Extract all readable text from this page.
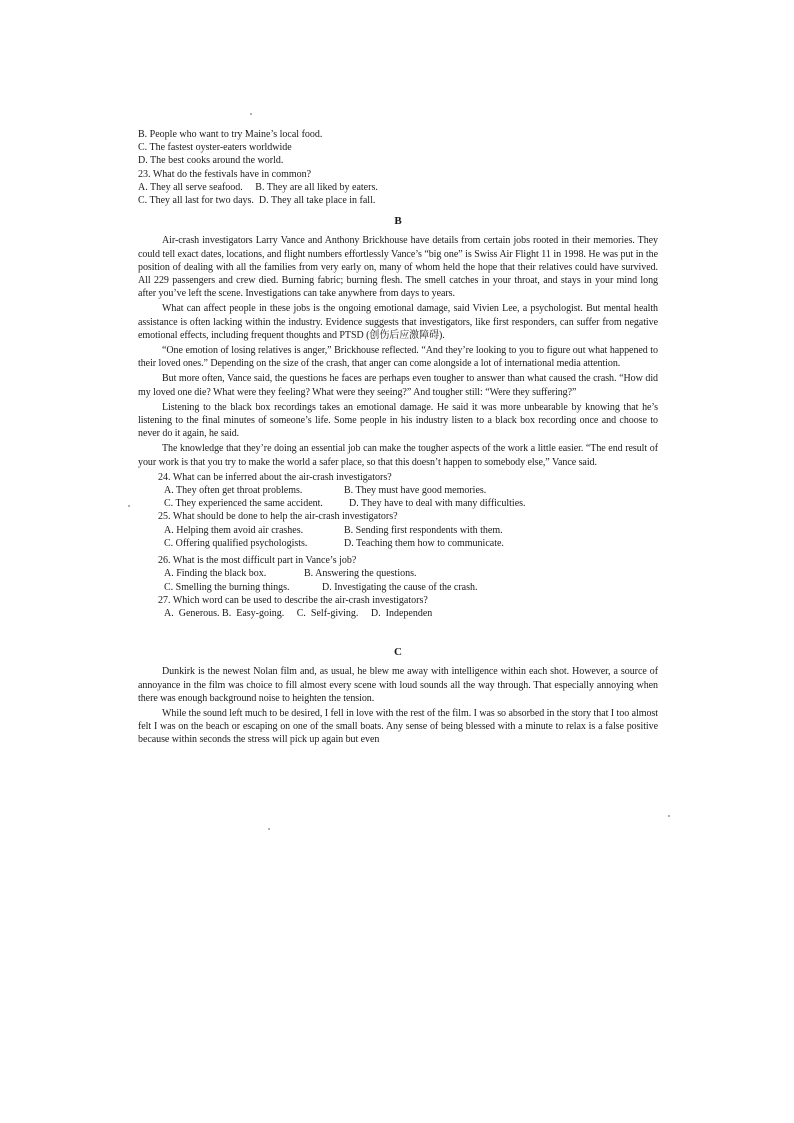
B. People who want to try Maine’s local food.
C. The fastest oyster-eaters worldwide
D. The best cooks around the world.
23. What do the festivals have in common?
A. They all serve seafood. B. They are all liked by eaters.
C. They all last for two days. D. They all take place in fall.
B

Air-crash investigators Larry Vance and Anthony Brickhouse have details from certain jobs rooted in their memories. They could tell exact dates, locations, and flight numbers effortlessly Vance’s “big one” is Swiss Air Flight 11 in 1998. He was put in the position of dealing with all the families from very early on, many of whom held the hope that their relatives could have survived. All 229 passengers and crew died. Burning fabric; burning flesh. The smell catches in your throat, and stays in your mind long after you’ve left the scene. Investigations can take anywhere from days to years.

What can affect people in these jobs is the ongoing emotional damage, said Vivien Lee, a psychologist. But mental health assistance is often lacking within the industry. Evidence suggests that investigators, like first responders, can suffer from negative emotional effects, including frequent thoughts and PTSD (创伤后应激障碍).

“One emotion of losing relatives is anger,” Brickhouse reflected. “And they’re looking to you to figure out what happened to their loved ones.” Depending on the size of the crash, that anger can come alongside a lot of international media attention.

But more often, Vance said, the questions he faces are perhaps even tougher to answer than what caused the crash. “How did my loved one die? What were they feeling? What were they seeing?” And tougher still: “Were they suffering?”

Listening to the black box recordings takes an emotional damage. He said it was more unbearable by knowing that he’s listening to the final minutes of someone’s life. Some people in his industry listen to a black box recording once and choose to never do it again, he said.

The knowledge that they’re doing an essential job can make the tougher aspects of the work a little easier. “The end result of your work is that you try to make the world a safer place, so that this doesn’t happen to somebody else,” Vance said.

24. What can be inferred about the air-crash investigators?
A. They often get throat problems.	B. They must have good memories.
C. They experienced the same accident.	D. They have to deal with many difficulties.
25. What should be done to help the air-crash investigators?
A. Helping them avoid air crashes.	B. Sending first respondents with them.
C. Offering qualified psychologists.	D. Teaching them how to communicate.
26. What is the most difficult part in Vance’s job?
A. Finding the black box.	B. Answering the questions.
C. Smelling the burning things.	D. Investigating the cause of the crash.
27. Which word can be used to describe the air-crash investigators?
A.  Generous. B.  Easy-going.     C.  Self-giving.     D.  Independen
C

Dunkirk is the newest Nolan film and, as usual, he blew me away with intelligence within each shot. However, a source of annoyance in the film was choice to fill almost every scene with loud sounds all the way through. That especially annoying when there was enough background noise to heighten the tension.

While the sound left much to be desired, I fell in love with the rest of the film. I was so absorbed in the story that I too almost felt I was on the beach or escaping on one of the small boats. Any sense of being blessed with a minute to relax is a false positive because within seconds the stress will pick up again but even
